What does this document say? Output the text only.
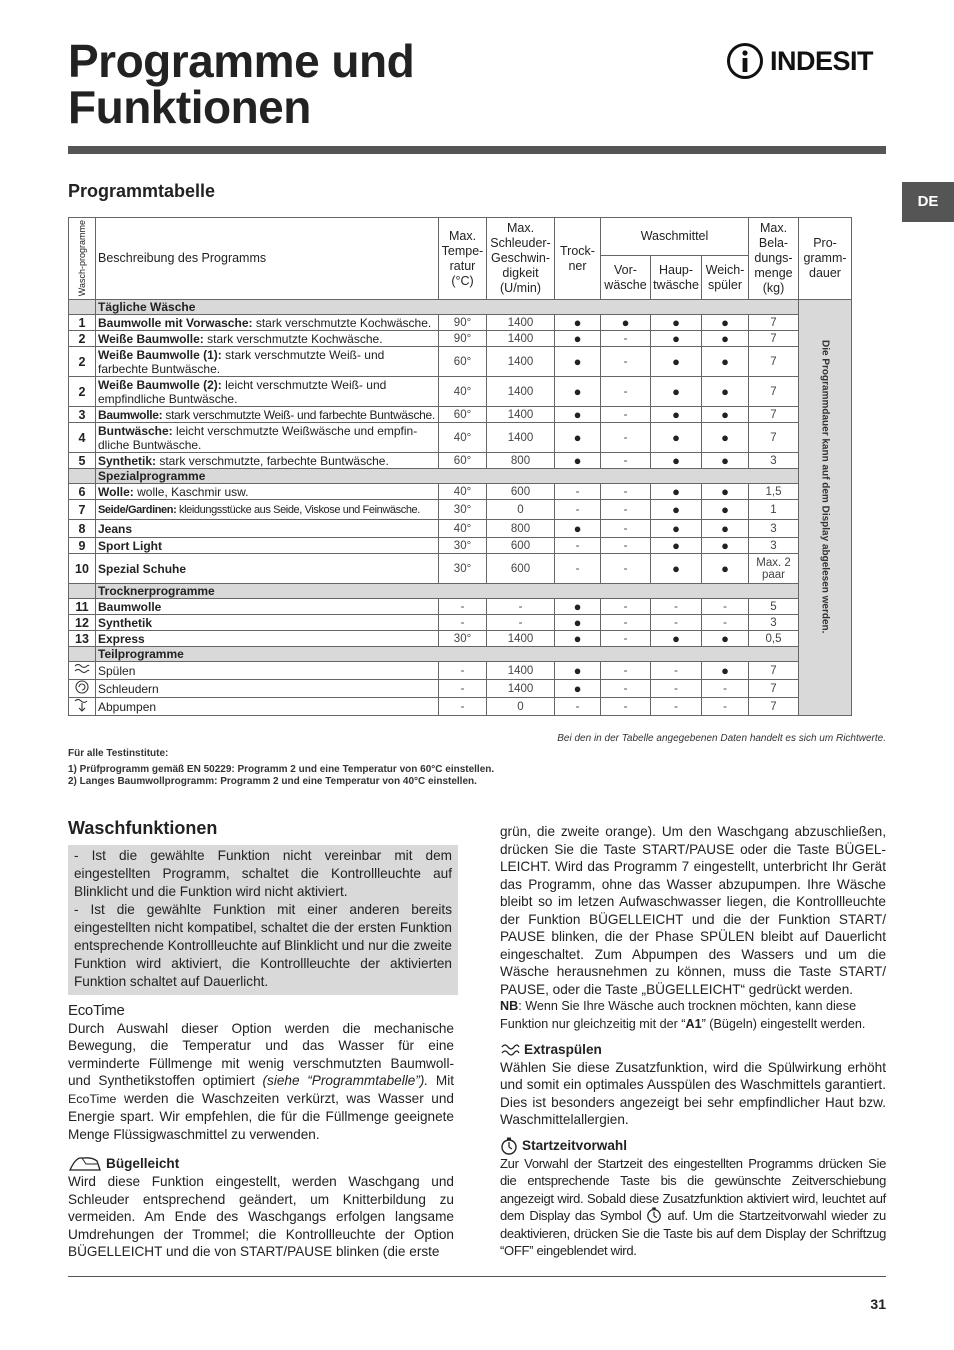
Programme und
Funktionen
INDESIT
DE
Programmtabelle
Wasch-programme	Beschreibung des Programms	Max. Tempe-ratur (°C)	Max. Schleuder-Geschwin-digkeit (U/min)	Trock-ner	Waschmittel			Max. Bela-dungs-menge (kg)	Pro-gramm-dauer
					Vor-wäsche	Haup-twäsche	Weich-spüler		
	Tägliche Wäsche								Die Programmdauer kann auf dem Display abgelesen werden.

1	Baumwolle mit Vorwasche: stark verschmutzte Kochwäsche.	90°	1400	●	●	●	●	7	
2	Weiße Baumwolle: stark verschmutzte Kochwäsche.	90°	1400	●	-	●	●	7	
2	Weiße Baumwolle (1): stark verschmutzte Weiß- und farbechte Buntwäsche.	60°	1400	●	-	●	●	7	
2	Weiße Baumwolle (2): leicht verschmutzte Weiß- und empfindliche Buntwäsche.	40°	1400	●	-	●	●	7	
3	Baumwolle: stark verschmutzte Weiß- und farbechte Buntwäsche.	60°	1400	●	-	●	●	7	
4	Buntwäsche: leicht verschmutzte Weißwäsche und empfin-dliche Buntwäsche.	40°	1400	●	-	●	●	7	
5	Synthetik: stark verschmutzte, farbechte Buntwäsche.	60°	800	●	-	●	●	3	
	Spezialprogramme								
6	Wolle: wolle, Kaschmir usw.	40°	600	-	-	●	●	1,5	
7	Seide/Gardinen: kleidungsstücke aus Seide, Viskose und Feinwäsche.	30°	0	-	-	●	●	1	
8	Jeans	40°	800	●	-	●	●	3	
9	Sport Light	30°	600	-	-	●	●	3	
10	Spezial Schuhe	30°	600	-	-	●	●	Max. 2 paar	
	Trocknerprogramme								
11	Baumwolle	-	-	●	-	-	-	5	
12	Synthetik	-	-	●	-	-	-	3	
13	Express	30°	1400	●	-	●	●	0,5	
	Teilprogramme								
	Spülen	-	1400	●	-	-	●	7	
	Schleudern	-	1400	●	-	-	-	7	
	Abpumpen	-	0	-	-	-	-	7	
Bei den in der Tabelle angegebenen Daten handelt es sich um Richtwerte.
Für alle Testinstitute:
1) Prüfprogramm gemäß EN 50229: Programm 2 und eine Temperatur von 60°C einstellen.
2) Langes Baumwollprogramm: Programm 2 und eine Temperatur von 40°C einstellen.
Waschfunktionen

- Ist die gewählte Funktion nicht vereinbar mit dem eingestellten Programm, schaltet die Kontrollleuchte auf Blinklicht und die Funktion wird nicht aktiviert.

- Ist die gewählte Funktion mit einer anderen bereits eingestellten nicht kompatibel, schaltet die der ersten Funktion entsprechende Kontrollleuchte auf Blinklicht und nur die zweite Funktion wird aktiviert, die Kontrollleuchte der aktivierten Funktion schaltet auf Dauerlicht.

EcoTime

Durch Auswahl dieser Option werden die mechanische Bewegung, die Temperatur und das Wasser für eine verminderte Füllmenge mit wenig verschmutzten Baumwoll- und Synthetikstoffen optimiert (siehe “Programmtabelle”). Mit EcoTime werden die Waschzeiten verkürzt, was Wasser und Energie spart. Wir empfehlen, die für die Füllmenge geeignete Menge Flüssigwaschmittel zu verwenden.

Bügelleicht

Wird diese Funktion eingestellt, werden Waschgang und Schleuder entsprechend geändert, um Knitterbildung zu vermeiden. Am Ende des Waschgangs erfolgen langsame Umdrehungen der Trommel; die Kontrollleuchte der Option BÜGELLEICHT und die von START/PAUSE blinken (die erste

grün, die zweite orange). Um den Waschgang abzuschließen, drücken Sie die Taste START/PAUSE oder die Taste BÜGEL-LEICHT. Wird das Programm 7 eingestellt, unterbricht Ihr Gerät das Programm, ohne das Wasser abzupumpen. Ihre Wäsche bleibt so im letzen Aufwaschwasser liegen, die Kontrollleuchte der Funktion BÜGELLEICHT und die der Funktion START/ PAUSE blinken, die der Phase SPÜLEN bleibt auf Dauerlicht eingeschaltet. Zum Abpumpen des Wassers und um die Wäsche herausnehmen zu können, muss die Taste START/ PAUSE, oder die Taste „BÜGELLEICHT“ gedrückt werden.

NB: Wenn Sie Ihre Wäsche auch trocknen möchten, kann diese Funktion nur gleichzeitig mit der “A1” (Bügeln) eingestellt werden.

Extraspülen

Wählen Sie diese Zusatzfunktion, wird die Spülwirkung erhöht und somit ein optimales Ausspülen des Waschmittels garantiert. Dies ist besonders angezeigt bei sehr empfindlicher Haut bzw. Waschmittelallergien.

Startzeitvorwahl

Zur Vorwahl der Startzeit des eingestellten Programms drücken Sie die entsprechende Taste bis die gewünschte Zeitverschiebung angezeigt wird. Sobald diese Zusatzfunktion aktiviert wird, leuchtet auf dem Display das Symbol  auf. Um die Startzeitvorwahl wieder zu deaktivieren, drücken Sie die Taste bis auf dem Display der Schriftzug “OFF” eingeblendet wird.

31
